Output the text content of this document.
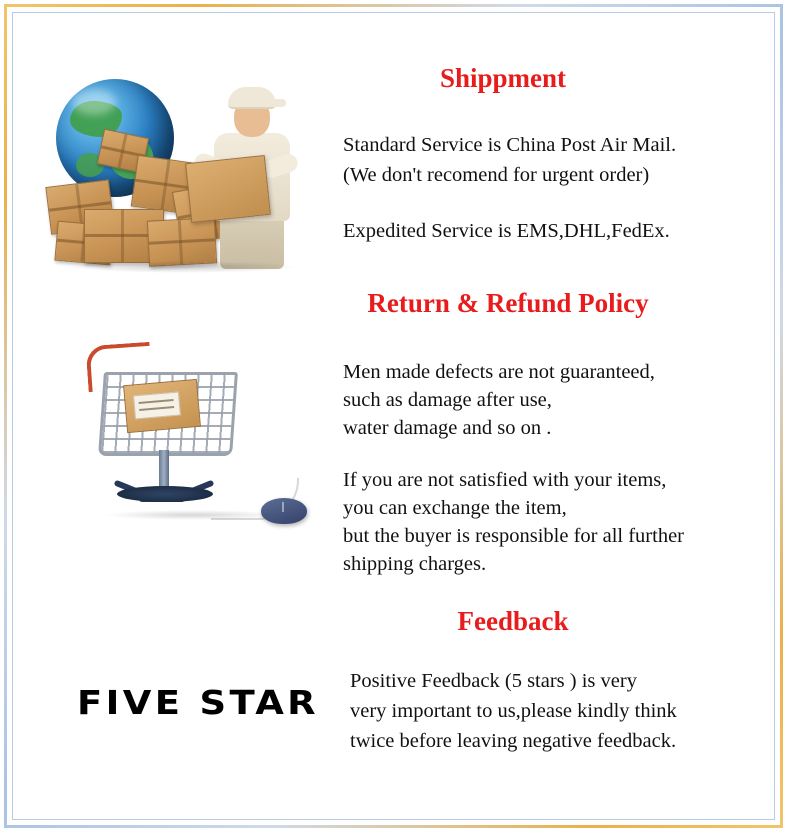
Shippment

Standard Service is China Post Air Mail.

(We don't recomend for urgent order)

Expedited Service is EMS,DHL,FedEx.

Return & Refund Policy

Men made defects are not guaranteed,

such as damage after use,

water damage and so on .

If you are not satisfied with your items,

you can exchange the item,

but the buyer is responsible for all further

shipping charges.

FIVE STAR
Feedback

Positive Feedback (5 stars ) is very

very important to us,please kindly think

twice before leaving negative feedback.
